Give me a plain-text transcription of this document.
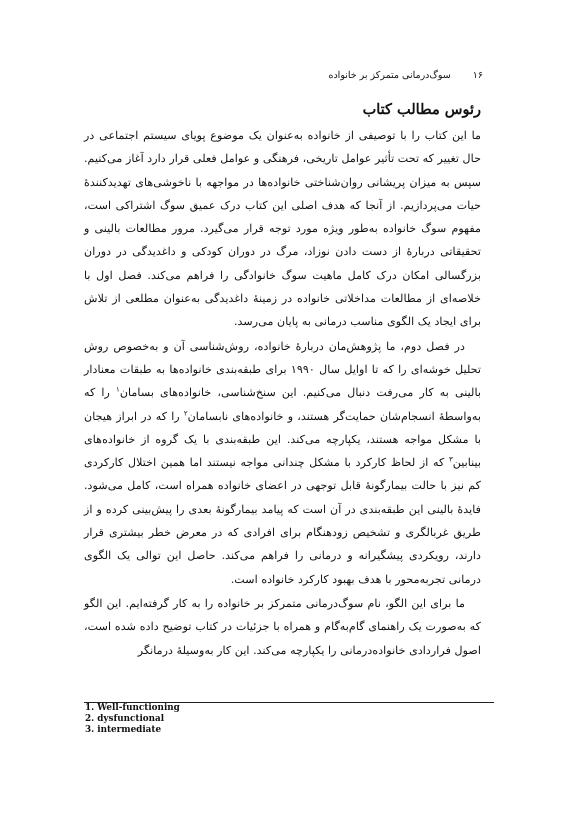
۱۶
سوگ‌درمانی متمرکز بر خانواده
رئوس مطالب کتاب

ما این کتاب را با توصیفی از خانواده به‌عنوان یک موضوع پویای سیستم اجتماعی در حال تغییر که تحت تأثیر عوامل تاریخی، فرهنگی و عوامل فعلی قرار دارد آغاز می‌کنیم. سپس به میزان پریشانی روان‌شناختی خانواده‌ها در مواجهه با ناخوشی‌های تهدیدکنندهٔ حیات می‌پردازیم. از آنجا که هدف اصلی این کتاب درک عمیق سوگ اشتراکی است، مفهوم سوگ خانواده به‌طور ویژه مورد توجه قرار می‌گیرد. مرور مطالعات بالینی و تحقیقاتی دربارهٔ از دست دادن نوزاد، مرگ در دوران کودکی و داغدیدگی در دوران بزرگسالی امکان درک کامل ماهیت سوگ خانوادگی را فراهم می‌کند. فصل اول با خلاصه‌ای از مطالعات مداخلاتی خانواده در زمینهٔ داغدیدگی به‌عنوان مطلعی از تلاش برای ایجاد یک الگوی مناسب درمانی به پایان می‌رسد.

در فصل دوم، ما پژوهش‌مان دربارهٔ خانواده، روش‌شناسی آن و به‌خصوص روش تحلیل خوشه‌ای را که تا اوایل سال ۱۹۹۰ برای طبقه‌بندی خانواده‌ها به طبقات معنادار بالینی به کار می‌رفت دنبال می‌کنیم. این سنخ‌شناسی، خانواده‌های بسامان$^۱$ را که به‌واسطهٔ انسجام‌شان حمایت‌گر هستند، و خانواده‌های نابسامان$^۲$ را که در ابراز هیجان با مشکل مواجه هستند، یکپارچه می‌کند. این طبقه‌بندی با یک گروه از خانواده‌های بینابین$^۳$ که از لحاظ کارکرد با مشکل چندانی مواجه نیستند اما همین اختلال کارکردی کم نیز با حالت بیمارگونهٔ قابل توجهی در اعضای خانواده همراه است، کامل می‌شود. فایدهٔ بالینی این طبقه‌بندی در آن است که پیامد بیمارگونهٔ بعدی را پیش‌بینی کرده و از طریق غربالگری و تشخیص زودهنگام برای افرادی که در معرض خطر بیشتری قرار دارند، رویکردی پیشگیرانه و درمانی را فراهم می‌کند. حاصل این توالی یک الگوی درمانی تجربه‌محور با هدف بهبود کارکرد خانواده است.

ما برای این الگو، نام سوگ‌درمانی متمرکز بر خانواده را به کار گرفته‌ایم. این الگو که به‌صورت یک راهنمای گام‌به‌گام و همراه با جزئیات در کتاب توضیح داده شده است، اصول فراردادی خانواده‌درمانی را یکپارچه می‌کند. این کار به‌وسیلهٔ درمانگر

1. Well-functioning
2. dysfunctional
3. intermediate
